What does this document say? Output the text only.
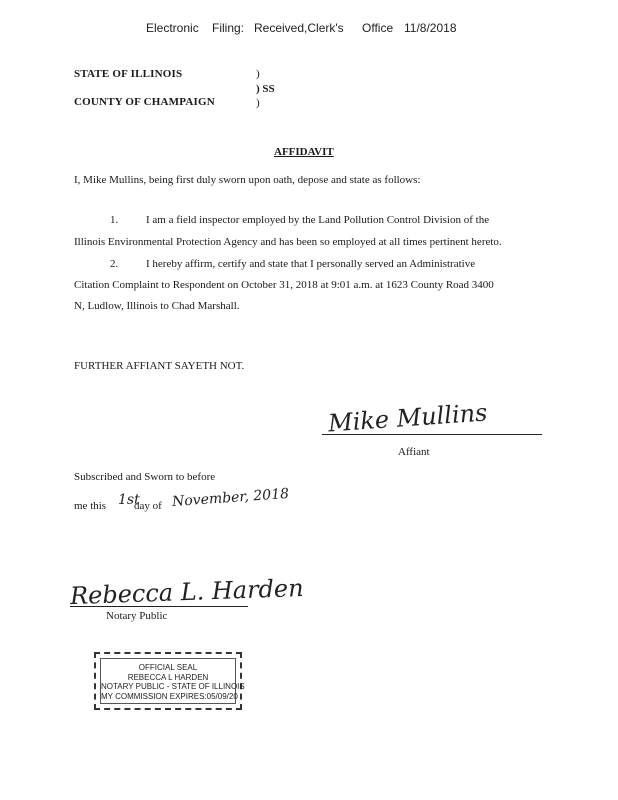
Electronic Filing: Received,Clerk's Office 11/8/2018
STATE OF ILLINOIS	)
) SS
COUNTY OF CHAMPAIGN	)
AFFIDAVIT
I, Mike Mullins, being first duly sworn upon oath, depose and state as follows:
1.	I am a field inspector employed by the Land Pollution Control Division of the
Illinois Environmental Protection Agency and has been so employed at all times pertinent hereto.
2.	I hereby affirm, certify and state that I personally served an Administrative
Citation Complaint to Respondent on October 31, 2018 at 9:01 a.m. at 1623 County Road 3400
N, Ludlow, Illinois to Chad Marshall.
FURTHER AFFIANT SAYETH NOT.
Mike Mullins
Affiant
Subscribed and Sworn to before
me this 1st
day of November, 2018
Rebecca L. Harden
Notary Public
OFFICIAL SEAL
REBECCA L HARDEN
NOTARY PUBLIC - STATE OF ILLINOIS
MY COMMISSION EXPIRES:05/09/20
